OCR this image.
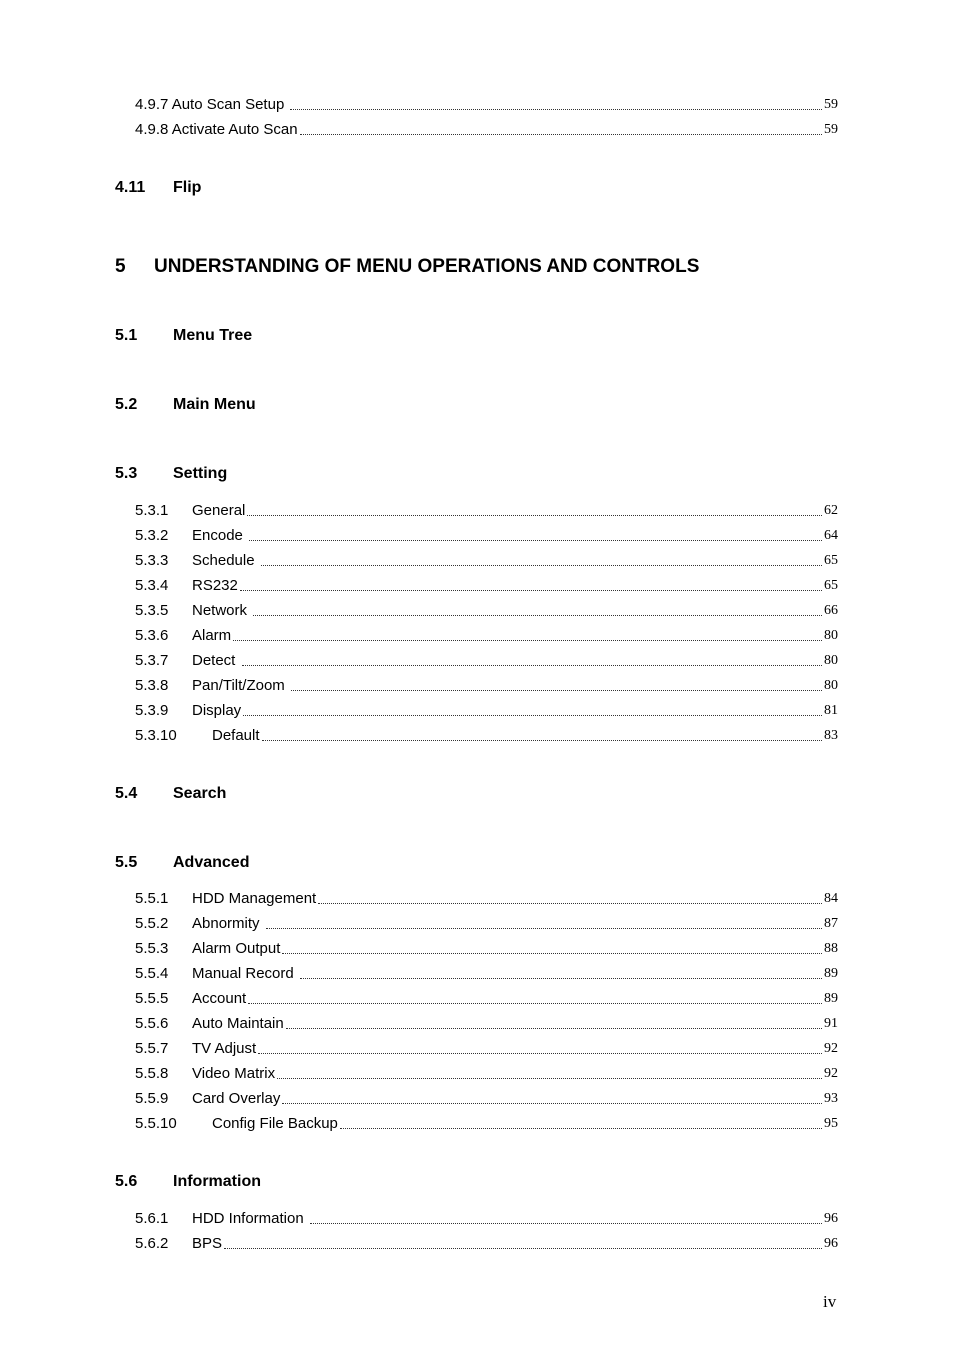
4.9.7 Auto Scan Setup	59
4.9.8 Activate Auto Scan	59
4.11 Flip
5 UNDERSTANDING OF MENU OPERATIONS AND CONTROLS
5.1 Menu Tree
5.2 Main Menu
5.3 Setting
5.3.1	General	62
5.3.2	Encode	64
5.3.3	Schedule	65
5.3.4	RS232	65
5.3.5	Network	66
5.3.6	Alarm	80
5.3.7	Detect	80
5.3.8	Pan/Tilt/Zoom	80
5.3.9	Display	81
5.3.10	Default	83
5.4 Search
5.5 Advanced
5.5.1	HDD Management	84
5.5.2	Abnormity	87
5.5.3	Alarm Output	88
5.5.4	Manual Record	89
5.5.5	Account	89
5.5.6	Auto Maintain	91
5.5.7	TV Adjust	92
5.5.8	Video Matrix	92
5.5.9	Card Overlay	93
5.5.10	Config File Backup	95
5.6 Information
5.6.1	HDD Information	96
5.6.2	BPS	96
iv
